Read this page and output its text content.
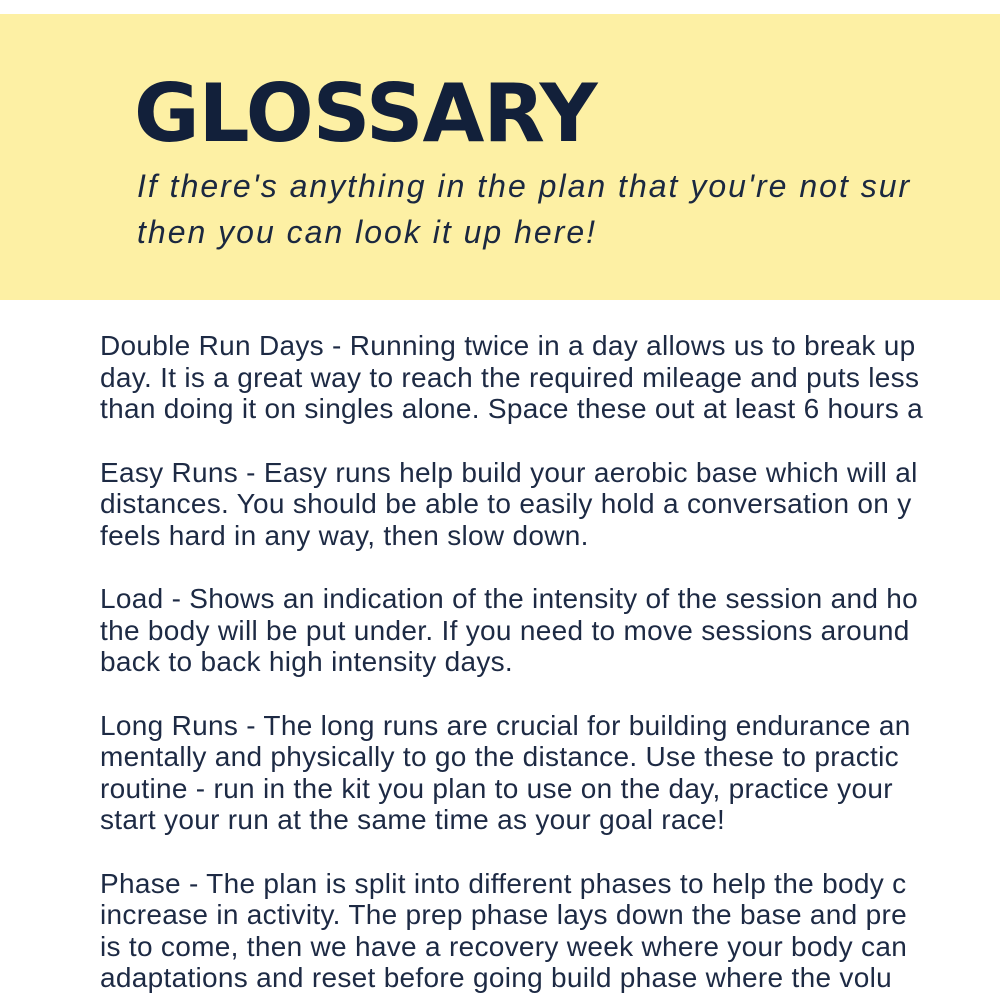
GLOSSARY
If there's anything in the plan that you're not sur
then you can look it up here!
Double Run Days - Running twice in a day allows us to break up
day. It is a great way to reach the required mileage and puts less
than doing it on singles alone. Space these out at least 6 hours a
Easy Runs - Easy runs help build your aerobic base which will al
distances. You should be able to easily hold a conversation on y
feels hard in any way, then slow down.
Load - Shows an indication of the intensity of the session and ho
the body will be put under. If you need to move sessions around
back to back high intensity days.
Long Runs - The long runs are crucial for building endurance an
mentally and physically to go the distance. Use these to practic
routine - run in the kit you plan to use on the day, practice your
start your run at the same time as your goal race!
Phase - The plan is split into different phases to help the body c
increase in activity. The prep phase lays down the base and pre
is to come, then we have a recovery week where your body can
adaptations and reset before going build phase where the volu
